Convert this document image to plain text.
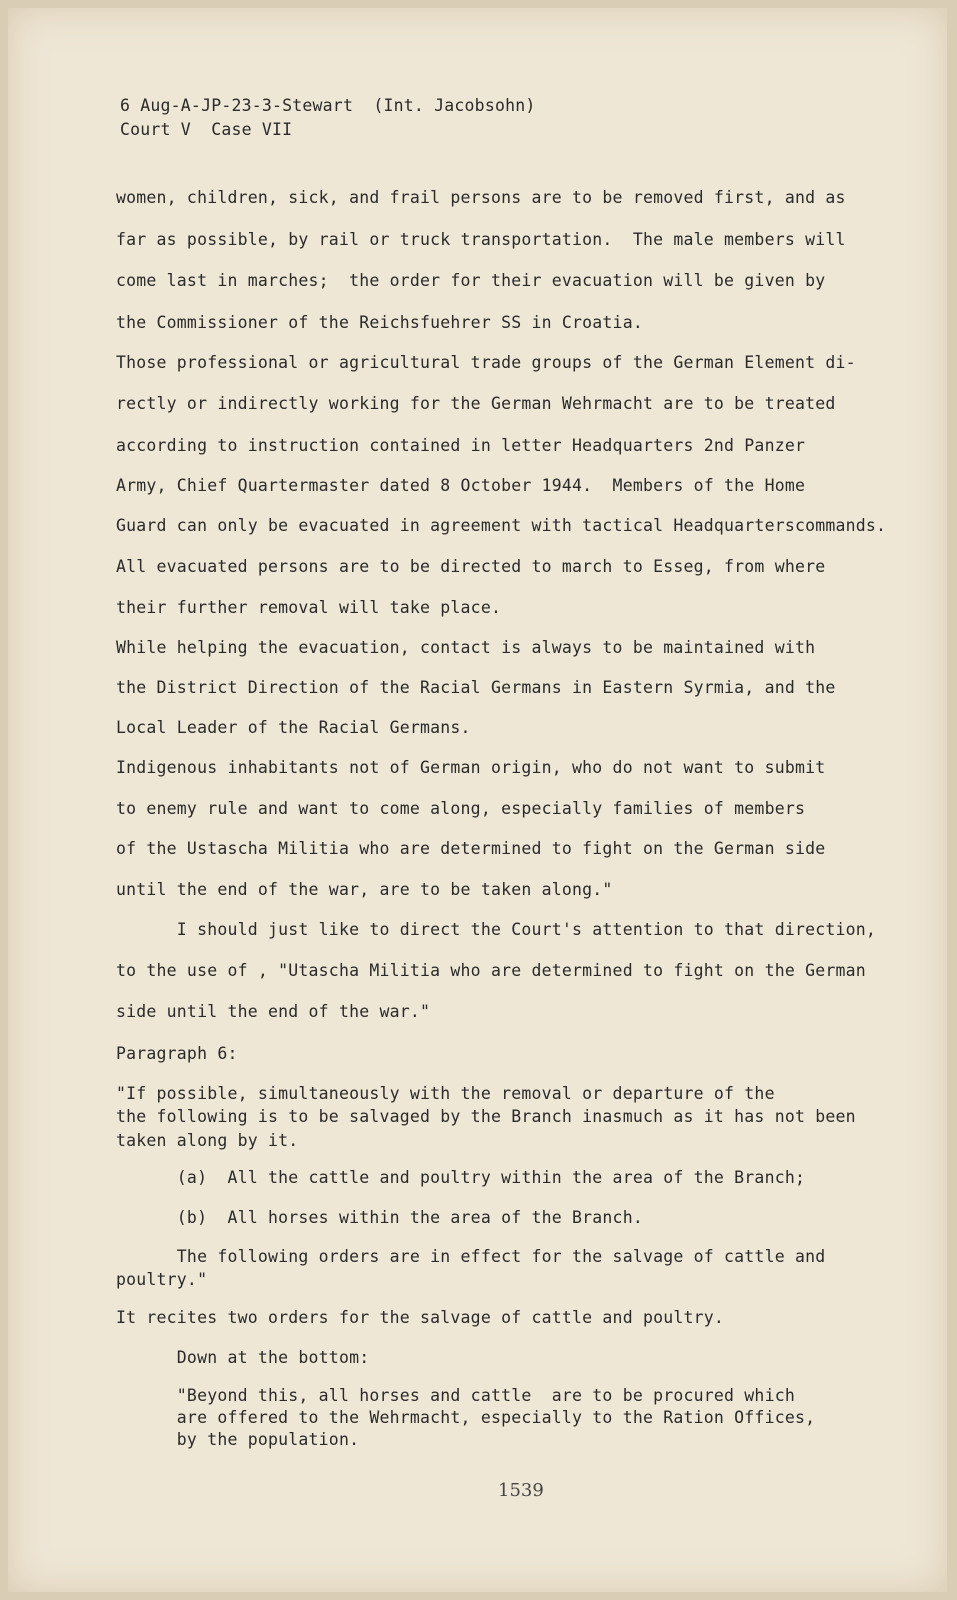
6 Aug-A-JP-23-3-Stewart  (Int. Jacobsohn)
Court V  Case VII
women, children, sick, and frail persons are to be removed first, and as
far as possible, by rail or truck transportation.  The male members will
come last in marches;  the order for their evacuation will be given by
the Commissioner of the Reichsfuehrer SS in Croatia.
Those professional or agricultural trade groups of the German Element di-
rectly or indirectly working for the German Wehrmacht are to be treated
according to instruction contained in letter Headquarters 2nd Panzer
Army, Chief Quartermaster dated 8 October 1944.  Members of the Home
Guard can only be evacuated in agreement with tactical Headquarterscommands.
All evacuated persons are to be directed to march to Esseg, from where
their further removal will take place.
While helping the evacuation, contact is always to be maintained with
the District Direction of the Racial Germans in Eastern Syrmia, and the
Local Leader of the Racial Germans.
Indigenous inhabitants not of German origin, who do not want to submit
to enemy rule and want to come along, especially families of members
of the Ustascha Militia who are determined to fight on the German side
until the end of the war, are to be taken along."
I should just like to direct the Court's attention to that direction,
to the use of , "Utascha Militia who are determined to fight on the German
side until the end of the war."
Paragraph 6:
"If possible, simultaneously with the removal or departure of the
the following is to be salvaged by the Branch inasmuch as it has not been
taken along by it.
(a)  All the cattle and poultry within the area of the Branch;
(b)  All horses within the area of the Branch.
The following orders are in effect for the salvage of cattle and
poultry."
It recites two orders for the salvage of cattle and poultry.
Down at the bottom:
"Beyond this, all horses and cattle  are to be procured which
are offered to the Wehrmacht, especially to the Ration Offices,
by the population.
1539
